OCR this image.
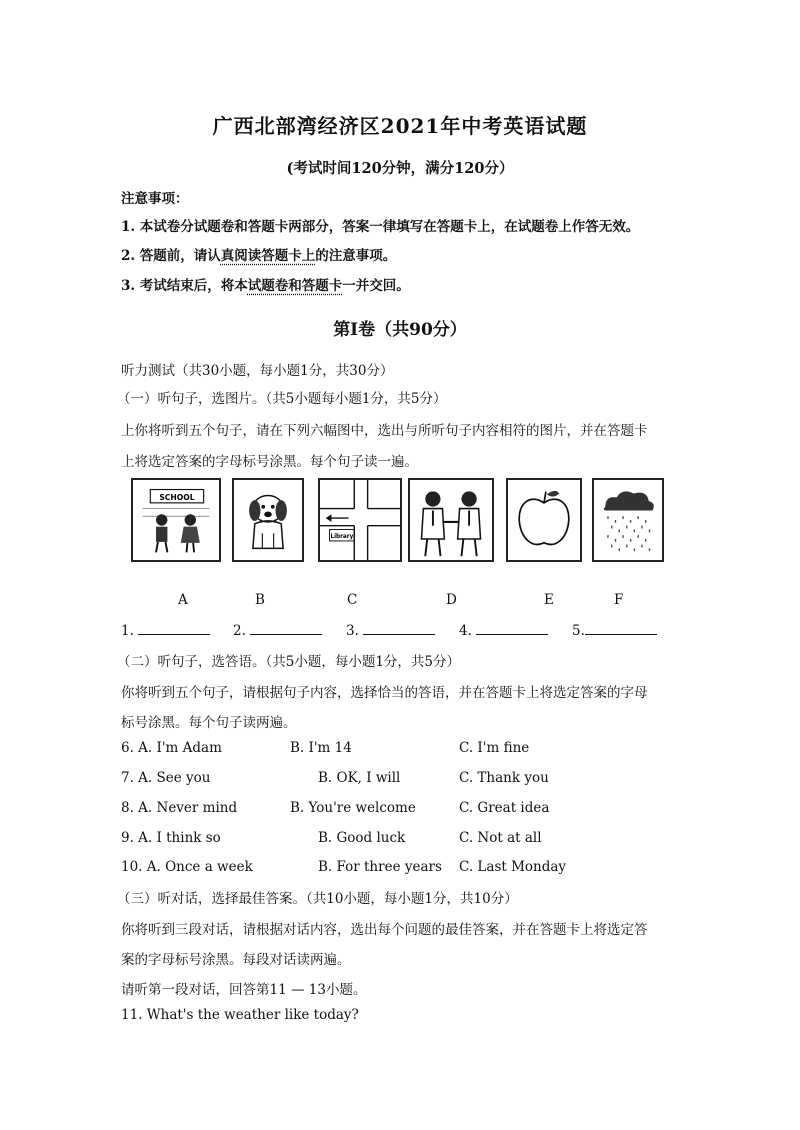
广西北部湾经济区2021年中考英语试题
(考试时间120分钟，满分120分）
注意事项：
1. 本试卷分试题卷和答题卡两部分，答案一律填写在答题卡上，在试题卷上作答无效。
2. 答题前，请认真阅读答题卡上的注意事项。
3. 考试结束后，将本试题卷和答题卡一并交回。
第Ⅰ卷（共90分）
听力测试（共30小题，每小题1分，共30分）
（一）听句子，选图片。（共5小题每小题1分，共5分）
上你将听到五个句子，请在下列六幅图中，选出与所听句子内容相符的图片，并在答题卡
上将选定答案的字母标号涂黑。每个句子读一遍。
SCHOOL
Library
A	B	C	D	E	F
1.	2.	3.	4.	5.
（二）听句子，选答语。（共5小题，每小题1分，共5分）
你将听到五个句子，请根据句子内容，选择恰当的答语，并在答题卡上将选定答案的字母
标号涂黑。每个句子读两遍。
6. A. I'm Adam	B. I'm 14	C. I'm fine
7. A. See you	B. OK, I will	C. Thank you
8. A. Never mind	B. You're welcome	C. Great idea
9. A. I think so	B. Good luck	C. Not at all
10. A. Once a week	B. For three years C. Last Monday
（三）听对话，选择最佳答案。（共10小题，每小题1分，共10分）
你将听到三段对话，请根据对话内容，选出每个问题的最佳答案，并在答题卡上将选定答
案的字母标号涂黑。每段对话读两遍。
请听第一段对话，回答第11 — 13小题。
11. What's the weather like today?
